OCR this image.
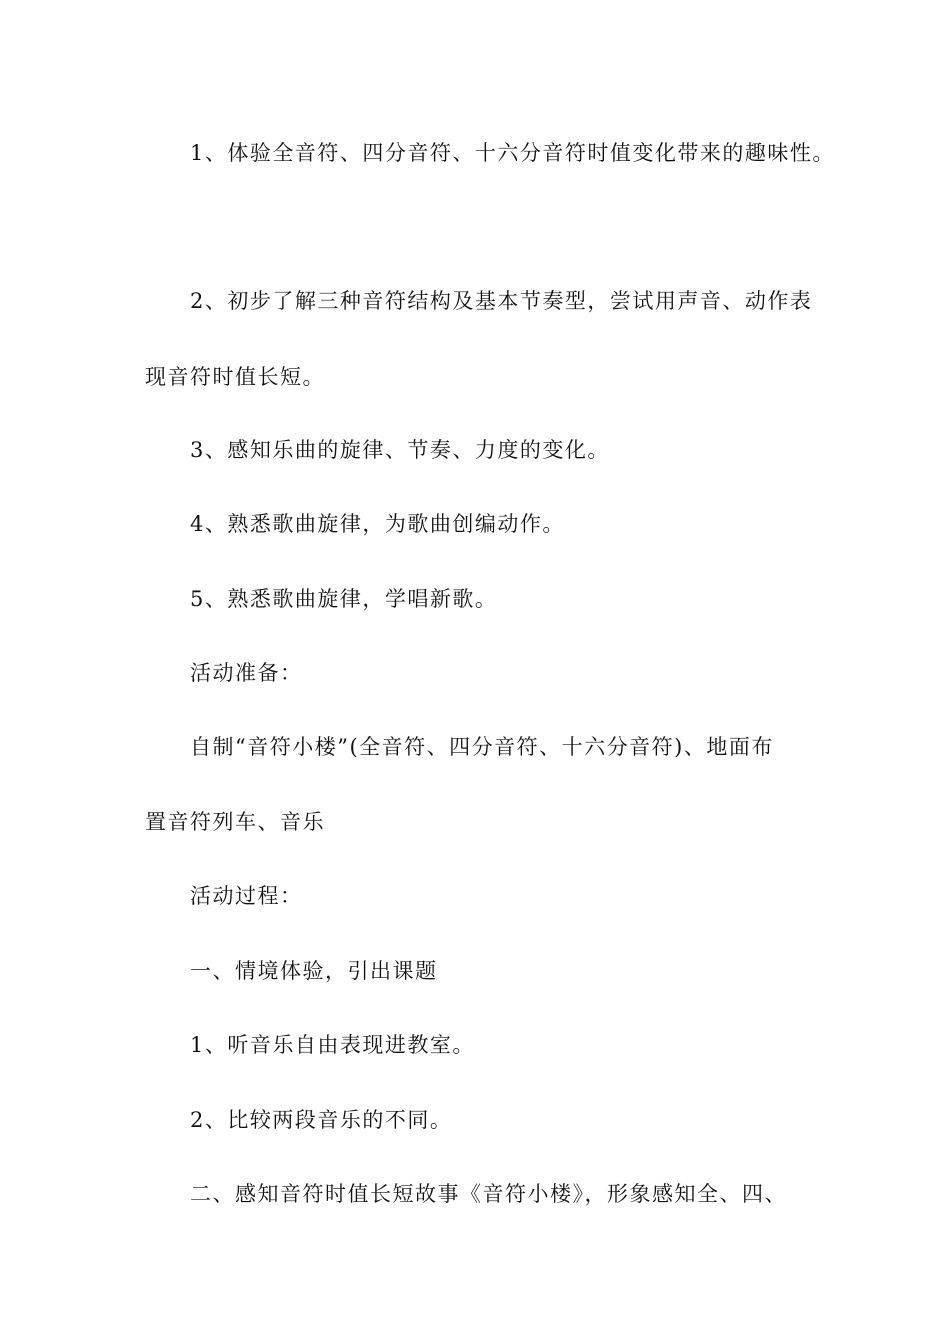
1、体验全音符、四分音符、十六分音符时值变化带来的趣味性。
2、初步了解三种音符结构及基本节奏型，尝试用声音、动作表
现音符时值长短。
3、感知乐曲的旋律、节奏、力度的变化。
4、熟悉歌曲旋律，为歌曲创编动作。
5、熟悉歌曲旋律，学唱新歌。
活动准备：
自制“音符小楼”(全音符、四分音符、十六分音符)、地面布
置音符列车、音乐
活动过程：
一、情境体验，引出课题
1、听音乐自由表现进教室。
2、比较两段音乐的不同。
二、感知音符时值长短故事《音符小楼》，形象感知全、四、
